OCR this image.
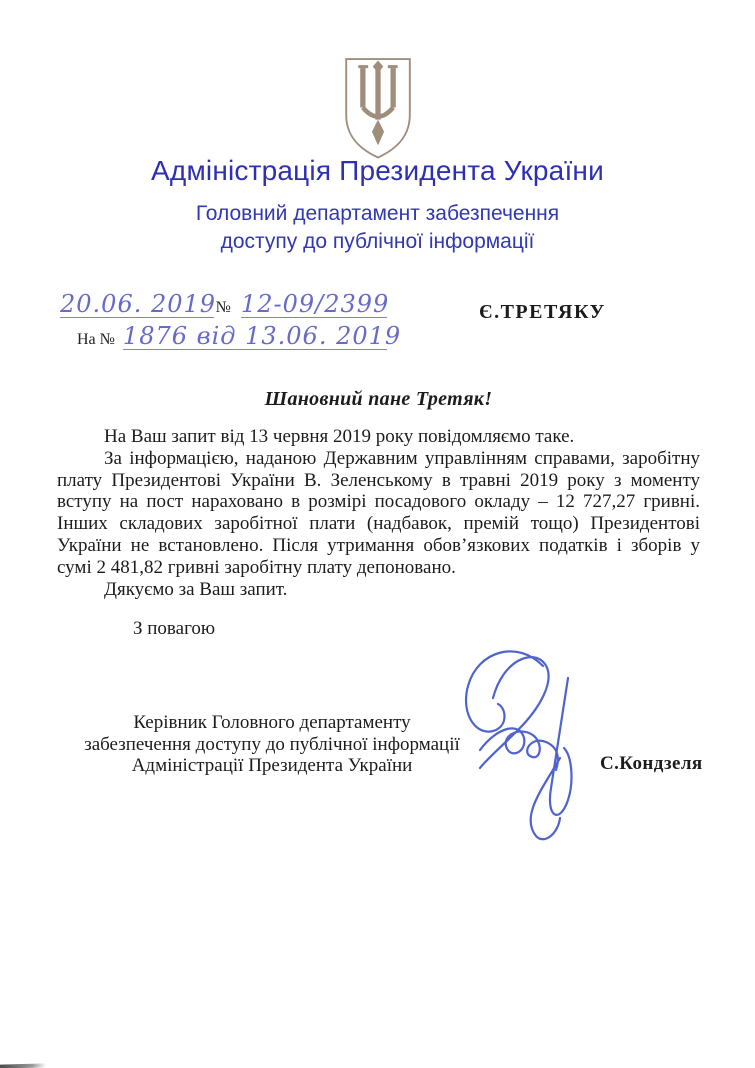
Адміністрація Президента України
Головний департамент забезпечення
доступу до публічної інформації
20.06. 2019 № 12-09/2399
На № 1876 від 13.06. 2019
Є.ТРЕТЯКУ
Шановний пане Третяк!

На Ваш запит від 13 червня 2019 року повідомляємо таке.

За інформацією, наданою Державним управлінням справами, заробітну плату Президентові України В. Зеленському в травні 2019 року з моменту вступу на пост нараховано в розмірі посадового окладу – 12 727,27 гривні. Інших складових заробітної плати (надбавок, премій тощо) Президентові України не встановлено. Після утримання обов’язкових податків і зборів у сумі 2 481,82 гривні заробітну плату депоновано.

Дякуємо за Ваш запит.

З повагою
Керівник Головного департаменту
забезпечення доступу до публічної інформації
Адміністрації Президента України	С.Кондзеля
